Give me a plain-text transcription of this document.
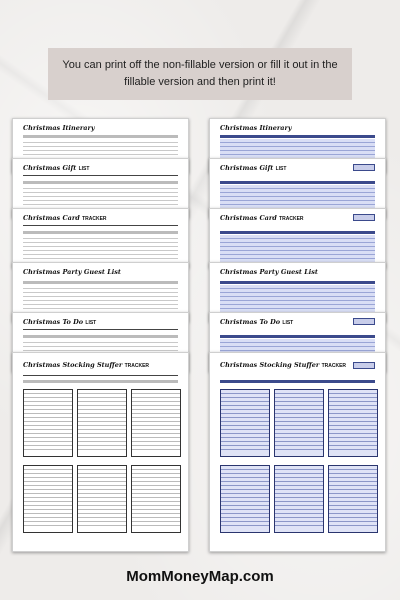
You can print off the non-fillable version or fill it out in the fillable version and then print it!
Christmas Itinerary
Christmas Gift LIST
Christmas Card TRACKER
Christmas Party Guest List
Christmas To Do LIST
Christmas Stocking Stuffer TRACKER
Christmas Itinerary
Christmas Gift LIST
Christmas Card TRACKER
Christmas Party Guest List
Christmas To Do LIST
Christmas Stocking Stuffer TRACKER
MomMoneyMap.com
